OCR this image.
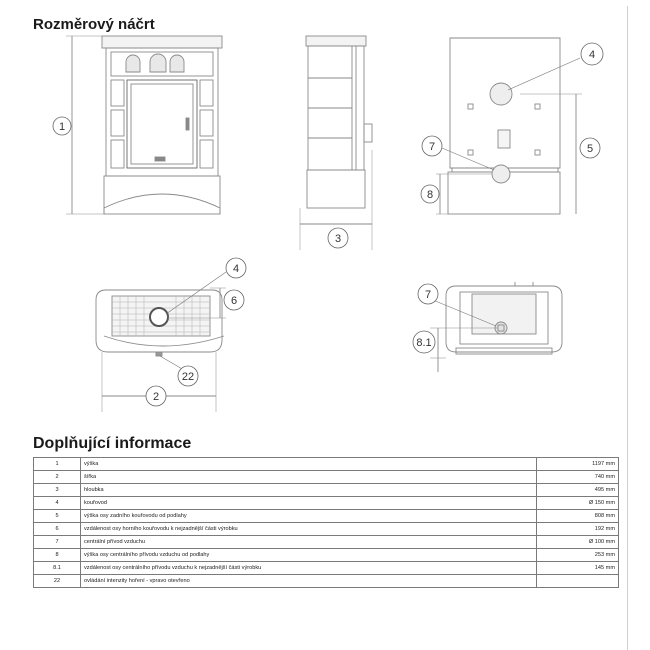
Rozměrový náčrt
1
3
4
5
7
8
4
6
2
22
7
8.1
Doplňující informace
1	výška	1197 mm
2	šířka	740 mm
3	hloubka	495 mm
4	kouřovod	Ø 150 mm
5	výška osy zadního kouřovodu od podlahy	808 mm
6	vzdálenost osy horního kouřovodu k nejzadnější části výrobku	192 mm
7	centrální přívod vzduchu	Ø 100 mm
8	výška osy centrálního přívodu vzduchu od podlahy	253 mm
8.1	vzdálenost osy centrálního přívodu vzduchu k nejzadnější části výrobku	145 mm
22	ovládání intenzity hoření - vpravo otevřeno	
